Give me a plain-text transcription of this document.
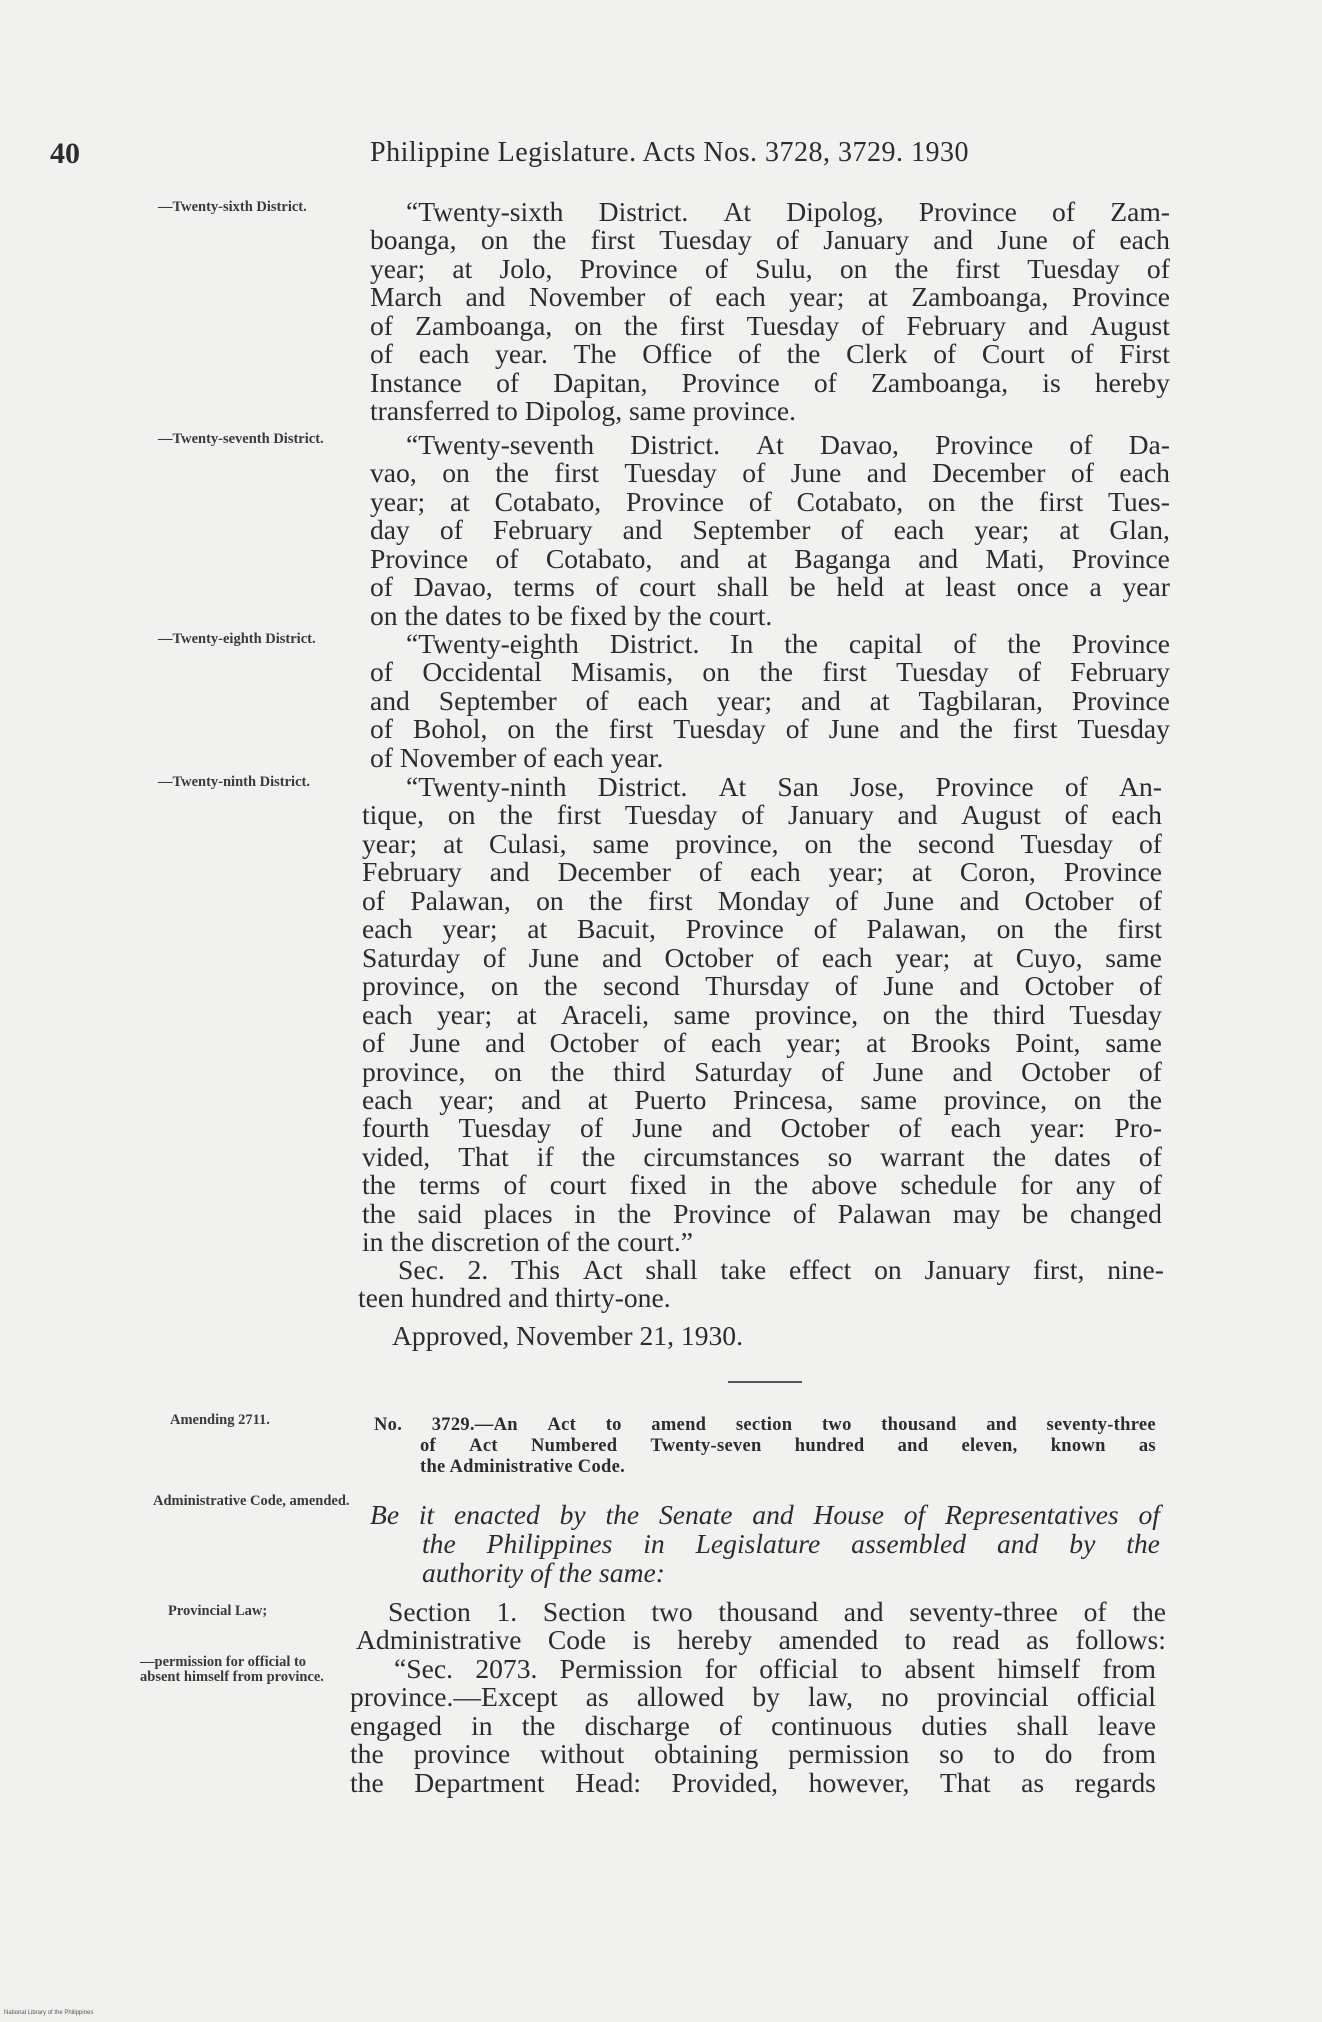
40	Philippine Legislature. Acts Nos. 3728, 3729. 1930
—Twenty-sixth District.
—Twenty-seventh District.
—Twenty-eighth District.
—Twenty-ninth District.
Amending 2711.
Administrative Code, amended.
Provincial Law;
—permission for official to absent himself from province.
“Twenty-sixth District. At Dipolog, Province of Zam-
boanga, on the first Tuesday of January and June of each
year; at Jolo, Province of Sulu, on the first Tuesday of
March and November of each year; at Zamboanga, Province
of Zamboanga, on the first Tuesday of February and August
of each year. The Office of the Clerk of Court of First
Instance of Dapitan, Province of Zamboanga, is hereby
transferred to Dipolog, same province.
“Twenty-seventh District. At Davao, Province of Da-
vao, on the first Tuesday of June and December of each
year; at Cotabato, Province of Cotabato, on the first Tues-
day of February and September of each year; at Glan,
Province of Cotabato, and at Baganga and Mati, Province
of Davao, terms of court shall be held at least once a year
on the dates to be fixed by the court.
“Twenty-eighth District. In the capital of the Province
of Occidental Misamis, on the first Tuesday of February
and September of each year; and at Tagbilaran, Province
of Bohol, on the first Tuesday of June and the first Tuesday
of November of each year.
“Twenty-ninth District. At San Jose, Province of An-
tique, on the first Tuesday of January and August of each
year; at Culasi, same province, on the second Tuesday of
February and December of each year; at Coron, Province
of Palawan, on the first Monday of June and October of
each year; at Bacuit, Province of Palawan, on the first
Saturday of June and October of each year; at Cuyo, same
province, on the second Thursday of June and October of
each year; at Araceli, same province, on the third Tuesday
of June and October of each year; at Brooks Point, same
province, on the third Saturday of June and October of
each year; and at Puerto Princesa, same province, on the
fourth Tuesday of June and October of each year: Pro-
vided, That if the circumstances so warrant the dates of
the terms of court fixed in the above schedule for any of
the said places in the Province of Palawan may be changed
in the discretion of the court.”
Sec. 2. This Act shall take effect on January first, nine-
teen hundred and thirty-one.
Approved, November 21, 1930.
No. 3729.—An Act to amend section two thousand and seventy-three
of Act Numbered Twenty-seven hundred and eleven, known as
the Administrative Code.
Be it enacted by the Senate and House of Representatives of
the Philippines in Legislature assembled and by the
authority of the same:
Section 1. Section two thousand and seventy-three of the
Administrative Code is hereby amended to read as follows:
“Sec. 2073. Permission for official to absent himself from
province.—Except as allowed by law, no provincial official
engaged in the discharge of continuous duties shall leave
the province without obtaining permission so to do from
the Department Head: Provided, however, That as regards
National Library of the Philippines
